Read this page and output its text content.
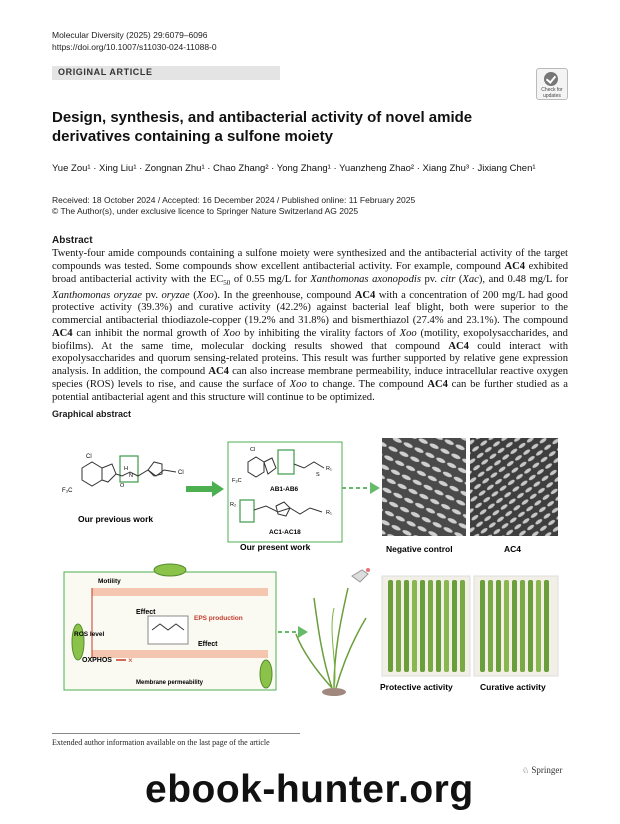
Molecular Diversity (2025) 29:6079–6096
https://doi.org/10.1007/s11030-024-11088-0
ORIGINAL ARTICLE
Check for updates
Design, synthesis, and antibacterial activity of novel amide derivatives containing a sulfone moiety
Yue Zou¹ · Xing Liu¹ · Zongnan Zhu¹ · Chao Zhang² · Yong Zhang¹ · Yuanzheng Zhao² · Xiang Zhu³ · Jixiang Chen¹
Received: 18 October 2024 / Accepted: 16 December 2024 / Published online: 11 February 2025
© The Author(s), under exclusive licence to Springer Nature Switzerland AG 2025
Abstract
Twenty-four amide compounds containing a sulfone moiety were synthesized and the antibacterial activity of the target compounds was tested. Some compounds show excellent antibacterial activity. For example, compound AC4 exhibited broad antibacterial activity with the $EC_{50}$ of 0.55 mg/L for Xanthomonas axonopodis pv. citr (Xac), and 0.48 mg/L for Xanthomonas oryzae pv. oryzae (Xoo). In the greenhouse, compound AC4 with a concentration of 200 mg/L had good protective activity (39.3%) and curative activity (42.2%) against bacterial leaf blight, both were superior to the commercial antibacterial thiodiazole-copper (19.2% and 31.8%) and bismerthiazol (27.4% and 23.1%). The compound AC4 can inhibit the normal growth of Xoo by inhibiting the virality factors of Xoo (motility, exopolysaccharides, and biofilms). At the same time, molecular docking results showed that compound AC4 could interact with exopolysaccharides and quorum sensing-related proteins. This result was further supported by relative gene expression analysis. In addition, the compound AC4 can also increase membrane permeability, induce intracellular reactive oxygen species (ROS) levels to rise, and cause the surface of Xoo to change. The compound AC4 can be further studied as a potential antibacterial agent and this structure will continue to be optimized.
Graphical abstract
Cl
F₃C
Cl
H
N
O
Our previous work
Cl
F₃C
S
R₁
AB1-AB6
R₂
R₁
AC1-AC18
Our present work	Negative control	AC4
Motility
Effect
EPS production
ROS level
Effect
OXPHOS
Membrane permeability
×
Protective activity	Curative activity
Extended author information available on the last page of the article
♘ Springer
ebook-hunter.org
